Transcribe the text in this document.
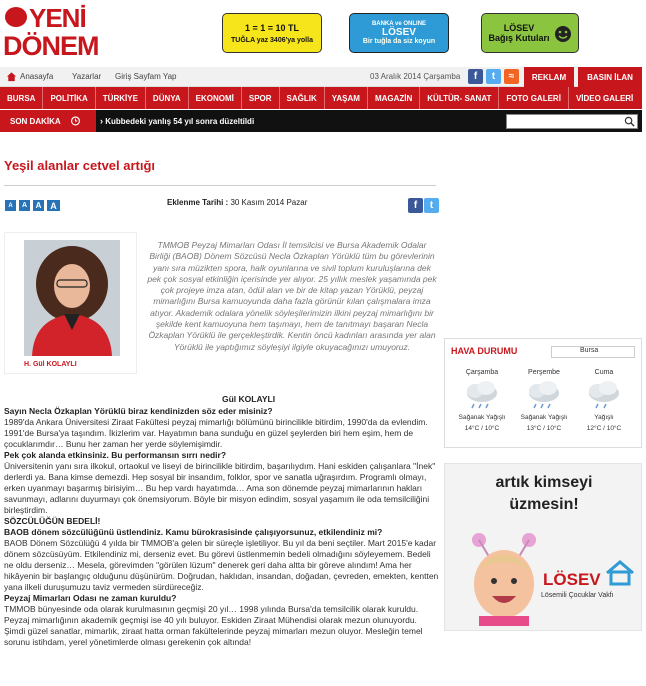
YENİ
DÖNEM
1 = 1 = 10 TL
TUĞLA yaz 3406'ya yolla
BANKA ve ONLINE
LÖSEV
Bir tuğla da siz koyun
LÖSEV
Bağış Kutuları
Anasayfa Yazarlar Giriş Sayfam Yap	03 Aralık 2014 Çarşamba	f	t	≈	REKLAM	BASIN İLAN
BURSA	POLİTİKA	TÜRKİYE	DÜNYA	EKONOMİ	SPOR	SAĞLIK	YAŞAM	MAGAZİN	KÜLTÜR- SANAT	FOTO GALERİ	VİDEO GALERİ
SON DAKİKA	› Kubbedeki yanlış 54 yıl sonra düzeltildi
Yeşil alanlar cetvel artığı
A	A	A A	Eklenme Tarihi : 30 Kasım 2014 Pazar	f	t
H. Gül KOLAYLI
TMMOB Peyzaj Mimarları Odası İl temsilcisi ve Bursa Akademik Odalar Birliği (BAOB) Dönem Sözcüsü Necla Özkaplan Yörüklü tüm bu görevlerinin yanı sıra müzikten spora, halk oyunlarına ve sivil toplum kuruluşlarına dek pek çok sosyal etkinliğin içerisinde yer alıyor. 25 yıllık meslek yaşamında pek çok projeye imza atan, ödül alan ve bir de kitap yazan Yörüklü, peyzaj mimarlığını Bursa kamuoyunda daha fazla görünür kılan çalışmalara imza atıyor. Akademik odalara yönelik söyleşilerimizin ilkini peyzaj mimarlığını bir şekilde kent kamuoyuna hem taşımayı, hem de tanıtmayı başaran Necla Özkaplan Yörüklü ile gerçekleştirdik. Kentin öncü kadınları arasında yer alan Yörüklü ile yaptığımız söyleşiyi ilgiyle okuyacağınızı umuyoruz.
Gül KOLAYLI

Sayın Necla Özkaplan Yörüklü biraz kendinizden söz eder misiniz?

1989'da Ankara Üniversitesi Ziraat Fakültesi peyzaj mimarlığı bölümünü birincilikle bitirdim, 1990'da da evlendim. 1991'de Bursa'ya taşındım. İkizlerim var. Hayatımın bana sunduğu en güzel şeylerden biri hem eşim, hem de çocuklarımdır… Bunu her zaman her yerde söylemişimdir.

Pek çok alanda etkinsiniz. Bu performansın sırrı nedir?

Üniversitenin yanı sıra ilkokul, ortaokul ve liseyi de birincilikle bitirdim, başarılıydım. Hani eskiden çalışanlara "İnek" derlerdi ya. Bana kimse demezdi. Hep sosyal bir insandım, folklor, spor ve sanatla uğraşırdım. Programlı olmayı, erken uyanmayı başarmış birisiyim… Bu hep vardı hayatımda… Ama son dönemde peyzaj mimarlarının hakları savunmayı, adlarını duyurmayı çok önemsiyorum. Böyle bir misyon edindim, sosyal yaşamım ile oda temsilciliğini birleştirdim.

SÖZCÜLÜĞÜN BEDELİ!

BAOB dönem sözcülüğünü üstlendiniz. Kamu bürokrasisinde çalışıyorsunuz, etkilendiniz mi?

BAOB Dönem Sözcülüğü 4 yılda bir TMMOB'a gelen bir süreçle işletiliyor. Bu yıl da beni seçtiler. Mart 2015'e kadar dönem sözcüsüyüm. Etkilendiniz mi, derseniz evet. Bu görevi üstlenmemin bedeli olmadığını söyleyemem. Bedeli ne oldu derseniz… Mesela, görevimden "görülen lüzum" denerek geri daha altta bir göreve alındım! Ama her hikâyenin bir başlangıç olduğunu düşünürüm. Doğrudan, haklıdan, insandan, doğadan, çevreden, emekten, kentten yana ilkeli duruşumuzu taviz vermeden sürdüreceğiz.

Peyzaj Mimarları Odası ne zaman kuruldu?

TMMOB bünyesinde oda olarak kurulmasının geçmişi 20 yıl… 1998 yılında Bursa'da temsilcilik olarak kuruldu. Peyzaj mimarlığının akademik geçmişi ise 40 yılı buluyor. Eskiden Ziraat Mühendisi olarak mezun olunuyordu. Şimdi güzel sanatlar, mimarlık, ziraat hatta orman fakültelerinde peyzaj mimarları mezun oluyor. Mesleğin temel sorunu istihdam, yerel yönetimlerde olması gerekenin çok altında!

HAVA DURUMU	Bursa
Çarşamba
Sağanak Yağışlı
14°C / 10°C
Perşembe
Sağanak Yağışlı
13°C / 10°C
Cuma
Yağışlı
12°C / 10°C
artık kimseyi
üzmesin!
LÖSEV
Lösemili Çocuklar Vakfı
